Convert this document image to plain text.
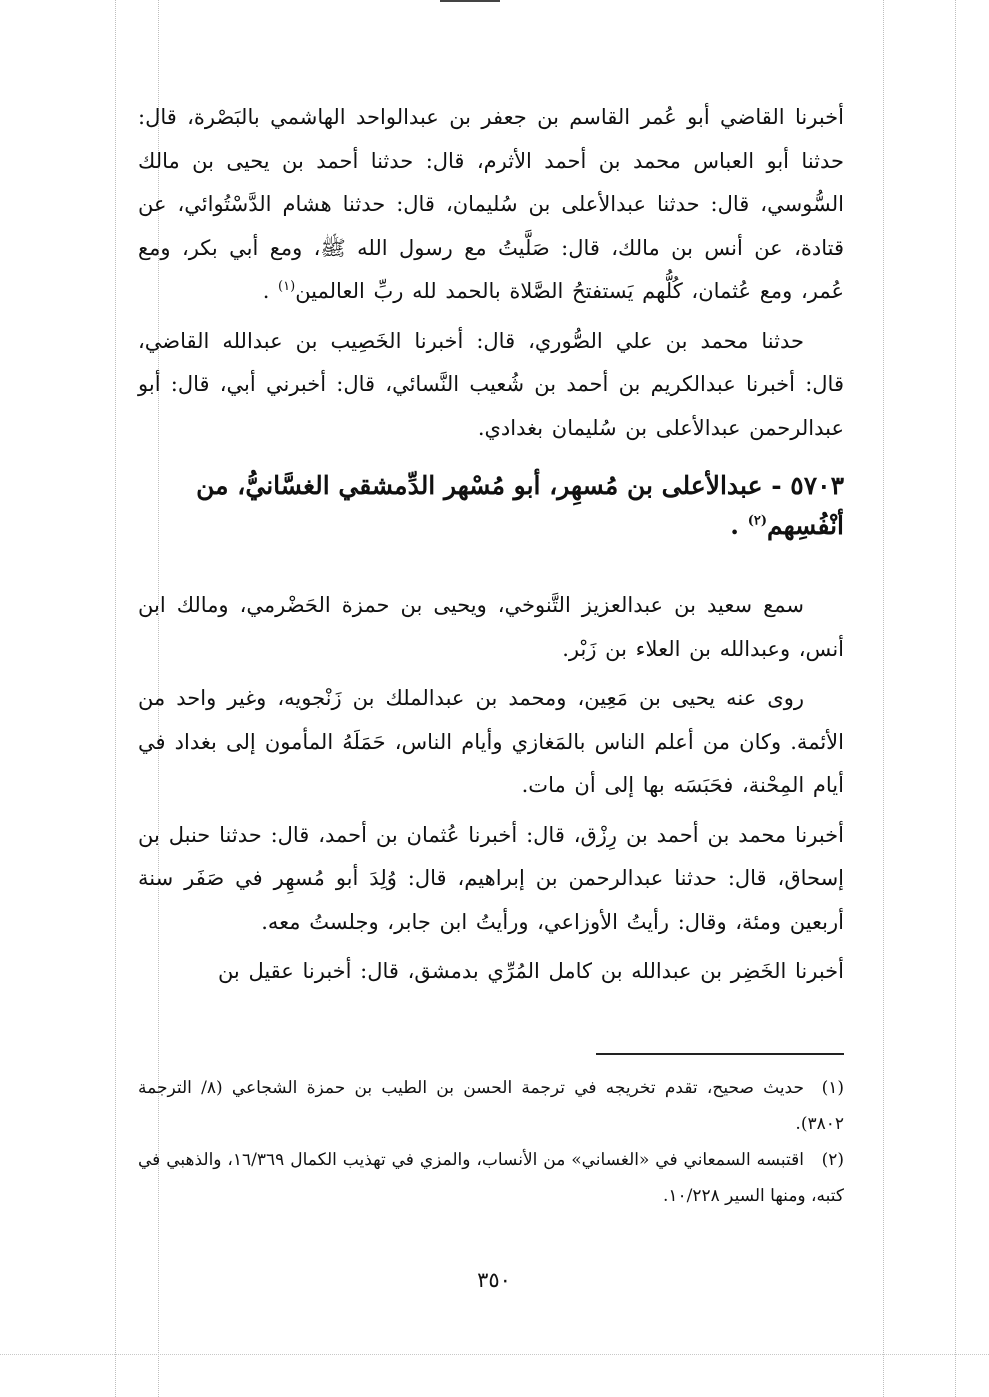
أخبرنا القاضي أبو عُمر القاسم بن جعفر بن عبدالواحد الهاشمي بالبَصْرة، قال: حدثنا أبو العباس محمد بن أحمد الأثرم، قال: حدثنا أحمد بن يحيى بن مالك السُّوسي، قال: حدثنا عبدالأعلى بن سُليمان، قال: حدثنا هشام الدَّسْتُوائي، عن قتادة، عن أنس بن مالك، قال: صَلَّيتُ مع رسول الله ﷺ، ومع أبي بكر، ومع عُمر، ومع عُثمان، كُلُّهم يَستفتحُ الصَّلاة بالحمد لله ربِّ العالمين$^{(١)}$ .

حدثنا محمد بن علي الصُّوري، قال: أخبرنا الخَصِيب بن عبدالله القاضي، قال: أخبرنا عبدالكريم بن أحمد بن شُعيب النَّسائي، قال: أخبرني أبي، قال: أبو عبدالرحمن عبدالأعلى بن سُليمان بغدادي.

٥٧٠٣ - عبدالأعلى بن مُسهِر، أبو مُسْهر الدِّمشقي الغسَّانيُّ، من أنْفُسِهم$^{(٢)}$ .

سمع سعيد بن عبدالعزيز التَّنوخي، ويحيى بن حمزة الحَضْرمي، ومالك ابن أنس، وعبدالله بن العلاء بن زَبْر.

روى عنه يحيى بن مَعِين، ومحمد بن عبدالملك بن زَنْجويه، وغير واحد من الأئمة. وكان من أعلم الناس بالمَغازي وأيام الناس، حَمَلَهُ المأمون إلى بغداد في أيام المِحْنة، فحَبَسَه بها إلى أن مات.

أخبرنا محمد بن أحمد بن رِزْق، قال: أخبرنا عُثمان بن أحمد، قال: حدثنا حنبل بن إسحاق، قال: حدثنا عبدالرحمن بن إبراهيم، قال: وُلِدَ أبو مُسهِر في صَفَر سنة أربعين ومئة، وقال: رأيتُ الأوزاعي، ورأيتُ ابن جابر، وجلستُ معه.

أخبرنا الخَضِر بن عبدالله بن كامل المُرِّي بدمشق، قال: أخبرنا عقيل بن

(١)حديث صحيح، تقدم تخريجه في ترجمة الحسن بن الطيب بن حمزة الشجاعي (٨/ الترجمة ٣٨٠٢).

(٢)اقتبسه السمعاني في «الغساني» من الأنساب، والمزي في تهذيب الكمال ١٦/٣٦٩، والذهبي في كتبه، ومنها السير ١٠/٢٢٨.

٣٥٠
